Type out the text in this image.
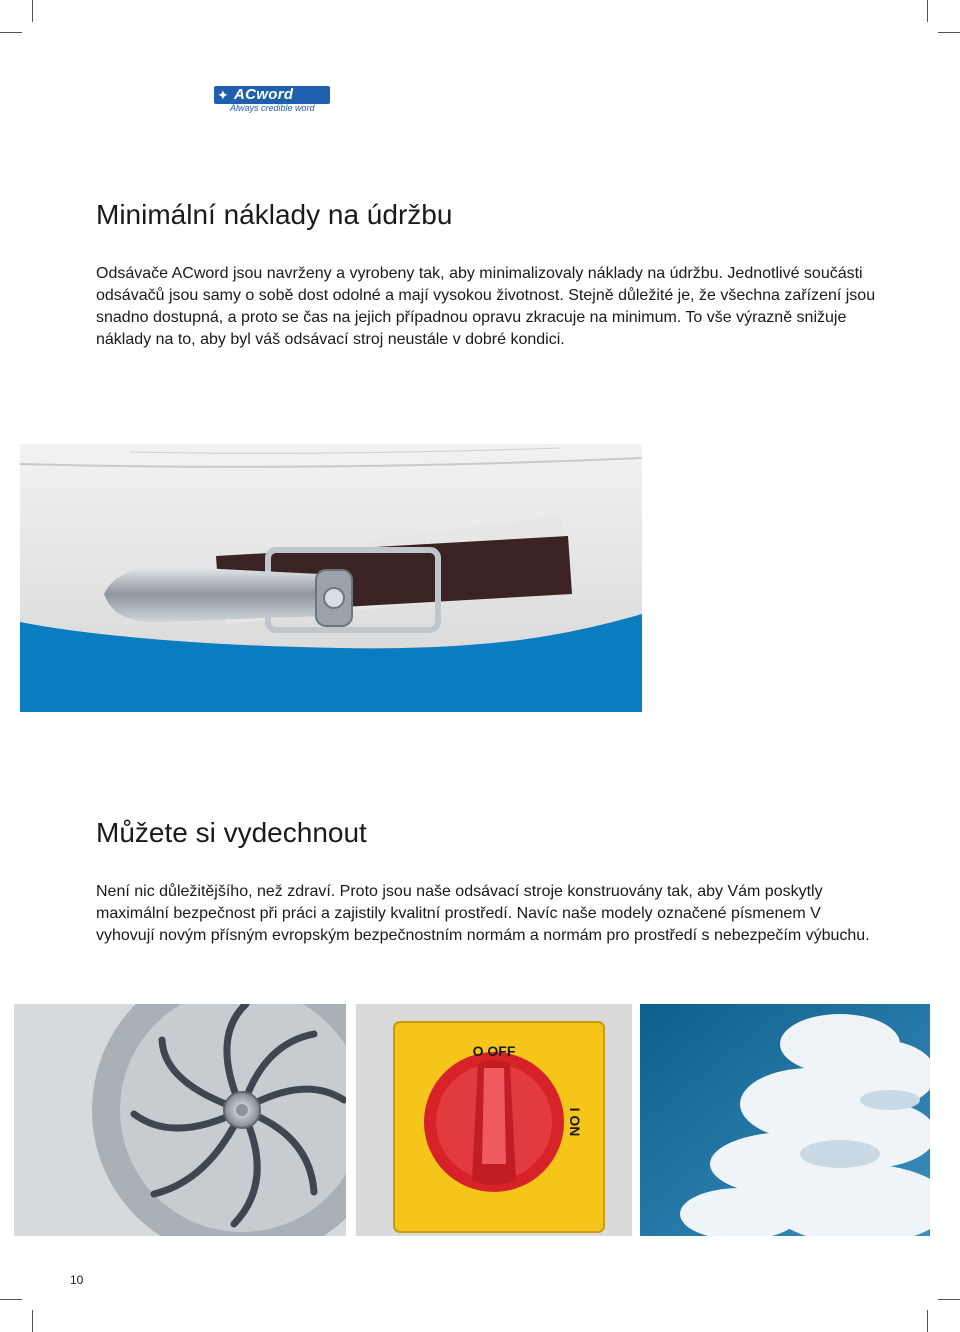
✦ ACword
Always credible word
Minimální náklady na údržbu

Odsávače ACword jsou navrženy a vyrobeny tak, aby minimalizovaly náklady na údržbu. Jednotlivé součásti odsávačů jsou samy o sobě dost odolné a mají vysokou životnost. Stejně důležité je, že všechna zařízení jsou snadno dostupná, a proto se čas na jejich případnou opravu zkracuje na minimum. To vše výrazně snižuje náklady na to, aby byl váš odsávací stroj neustále v dobré kondici.

Můžete si vydechnout

Není nic důležitějšího, než zdraví. Proto jsou naše odsávací stroje konstruovány tak, aby Vám poskytly maximální bezpečnost při práci a zajistily kvalitní prostředí. Navíc naše modely označené písmenem V vyhovují novým přísným evropským bezpečnostním normám a normám pro prostředí s nebezpečím výbuchu.

O OFF
I ON
10
